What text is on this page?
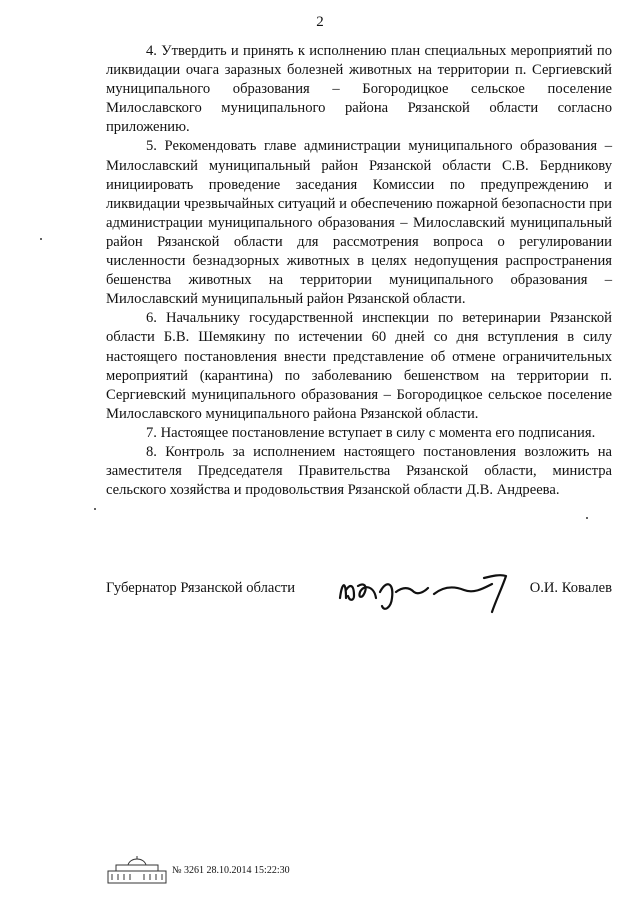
2

4. Утвердить и принять к исполнению план специальных мероприятий по ликвидации очага заразных болезней животных на территории п. Сергиевский муниципального образования – Богородицкое сельское поселение Милославского муниципального района Рязанской области согласно приложению.

5. Рекомендовать главе администрации муниципального образования – Милославский муниципальный район Рязанской области С.В. Бердникову инициировать проведение заседания Комиссии по предупреждению и ликвидации чрезвычайных ситуаций и обеспечению пожарной безопасности при администрации муниципального образования – Милославский муниципальный район Рязанской области для рассмотрения вопроса о регулировании численности безнадзорных животных в целях недопущения распространения бешенства животных на территории муниципального образования – Милославский муниципальный район Рязанской области.

6. Начальнику государственной инспекции по ветеринарии Рязанской области Б.В. Шемякину по истечении 60 дней со дня вступления в силу настоящего постановления внести представление об отмене ограничительных мероприятий (карантина) по заболеванию бешенством на территории п. Сергиевский муниципального образования – Богородицкое сельское поселение Милославского муниципального района Рязанской области.

7. Настоящее постановление вступает в силу с момента его подписания.

8. Контроль за исполнением настоящего постановления возложить на заместителя Председателя Правительства Рязанской области, министра сельского хозяйства и продовольствия Рязанской области Д.В. Андреева.

Губернатор Рязанской области	О.И. Ковалев
№ 3261 28.10.2014 15:22:30
